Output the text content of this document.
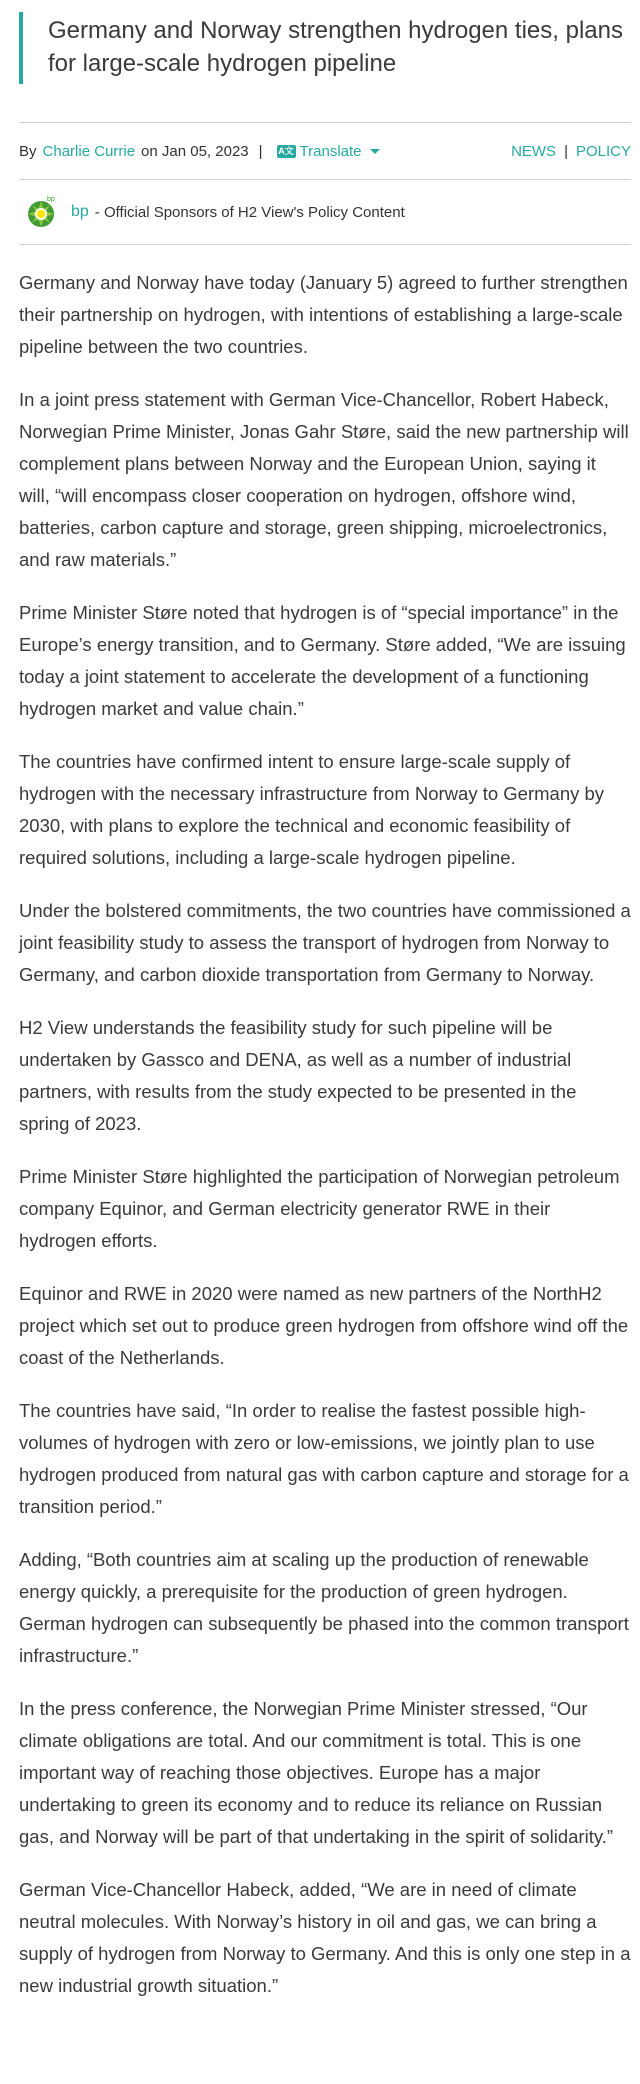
Germany and Norway strengthen hydrogen ties, plans for large-scale hydrogen pipeline
By Charlie Currie on Jan 05, 2023 | A文 Translate	NEWS | POLICY
bp
bp - Official Sponsors of H2 View's Policy Content

Germany and Norway have today (January 5) agreed to further strengthen their partnership on hydrogen, with intentions of establishing a large-scale pipeline between the two countries.

In a joint press statement with German Vice-Chancellor, Robert Habeck, Norwegian Prime Minister, Jonas Gahr Støre, said the new partnership will complement plans between Norway and the European Union, saying it will, “will encompass closer cooperation on hydrogen, offshore wind, batteries, carbon capture and storage, green shipping, microelectronics, and raw materials.”

Prime Minister Støre noted that hydrogen is of “special importance” in the Europe’s energy transition, and to Germany. Støre added, “We are issuing today a joint statement to accelerate the development of a functioning hydrogen market and value chain.”

The countries have confirmed intent to ensure large-scale supply of hydrogen with the necessary infrastructure from Norway to Germany by 2030, with plans to explore the technical and economic feasibility of required solutions, including a large-scale hydrogen pipeline.

Under the bolstered commitments, the two countries have commissioned a joint feasibility study to assess the transport of hydrogen from Norway to Germany, and carbon dioxide transportation from Germany to Norway.

H2 View understands the feasibility study for such pipeline will be undertaken by Gassco and DENA, as well as a number of industrial partners, with results from the study expected to be presented in the spring of 2023.

Prime Minister Støre highlighted the participation of Norwegian petroleum company Equinor, and German electricity generator RWE in their hydrogen efforts.

Equinor and RWE in 2020 were named as new partners of the NorthH2 project which set out to produce green hydrogen from offshore wind off the coast of the Netherlands.

The countries have said, “In order to realise the fastest possible high-volumes of hydrogen with zero or low-emissions, we jointly plan to use hydrogen produced from natural gas with carbon capture and storage for a transition period.”

Adding, “Both countries aim at scaling up the production of renewable energy quickly, a prerequisite for the production of green hydrogen. German hydrogen can subsequently be phased into the common transport infrastructure.”

In the press conference, the Norwegian Prime Minister stressed, “Our climate obligations are total. And our commitment is total. This is one important way of reaching those objectives. Europe has a major undertaking to green its economy and to reduce its reliance on Russian gas, and Norway will be part of that undertaking in the spirit of solidarity.”

German Vice-Chancellor Habeck, added, “We are in need of climate neutral molecules. With Norway’s history in oil and gas, we can bring a supply of hydrogen from Norway to Germany. And this is only one step in a new industrial growth situation.”
